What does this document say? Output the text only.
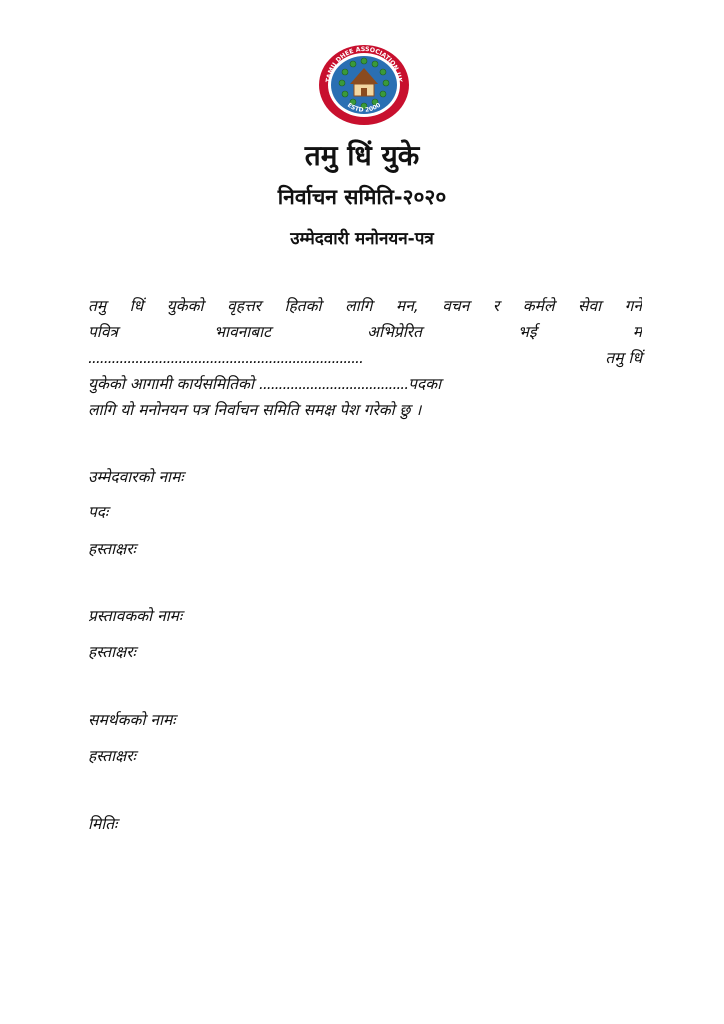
TAMU DHEE ASSOCIATION UK
ESTD 2000
तमु धिं युके
निर्वाचन समिति-२०२०
उम्मेदवारी मनोनयन-पत्र
तमु धिं युकेको वृहत्तर हितको लागि मन, वचन र कर्मले सेवा गर्ने
पवित्र भावनाबाट अभिप्रेरित भई म
......................................................................	तमु धिं
युकेको आगामी कार्यसमितिको ......................................पदका
लागि यो मनोनयन पत्र निर्वाचन समिति समक्ष पेश गरेको छु ।
उम्मेदवारको नामः
पदः
हस्ताक्षरः
प्रस्तावकको नामः
हस्ताक्षरः
समर्थकको नामः
हस्ताक्षरः
मितिः
